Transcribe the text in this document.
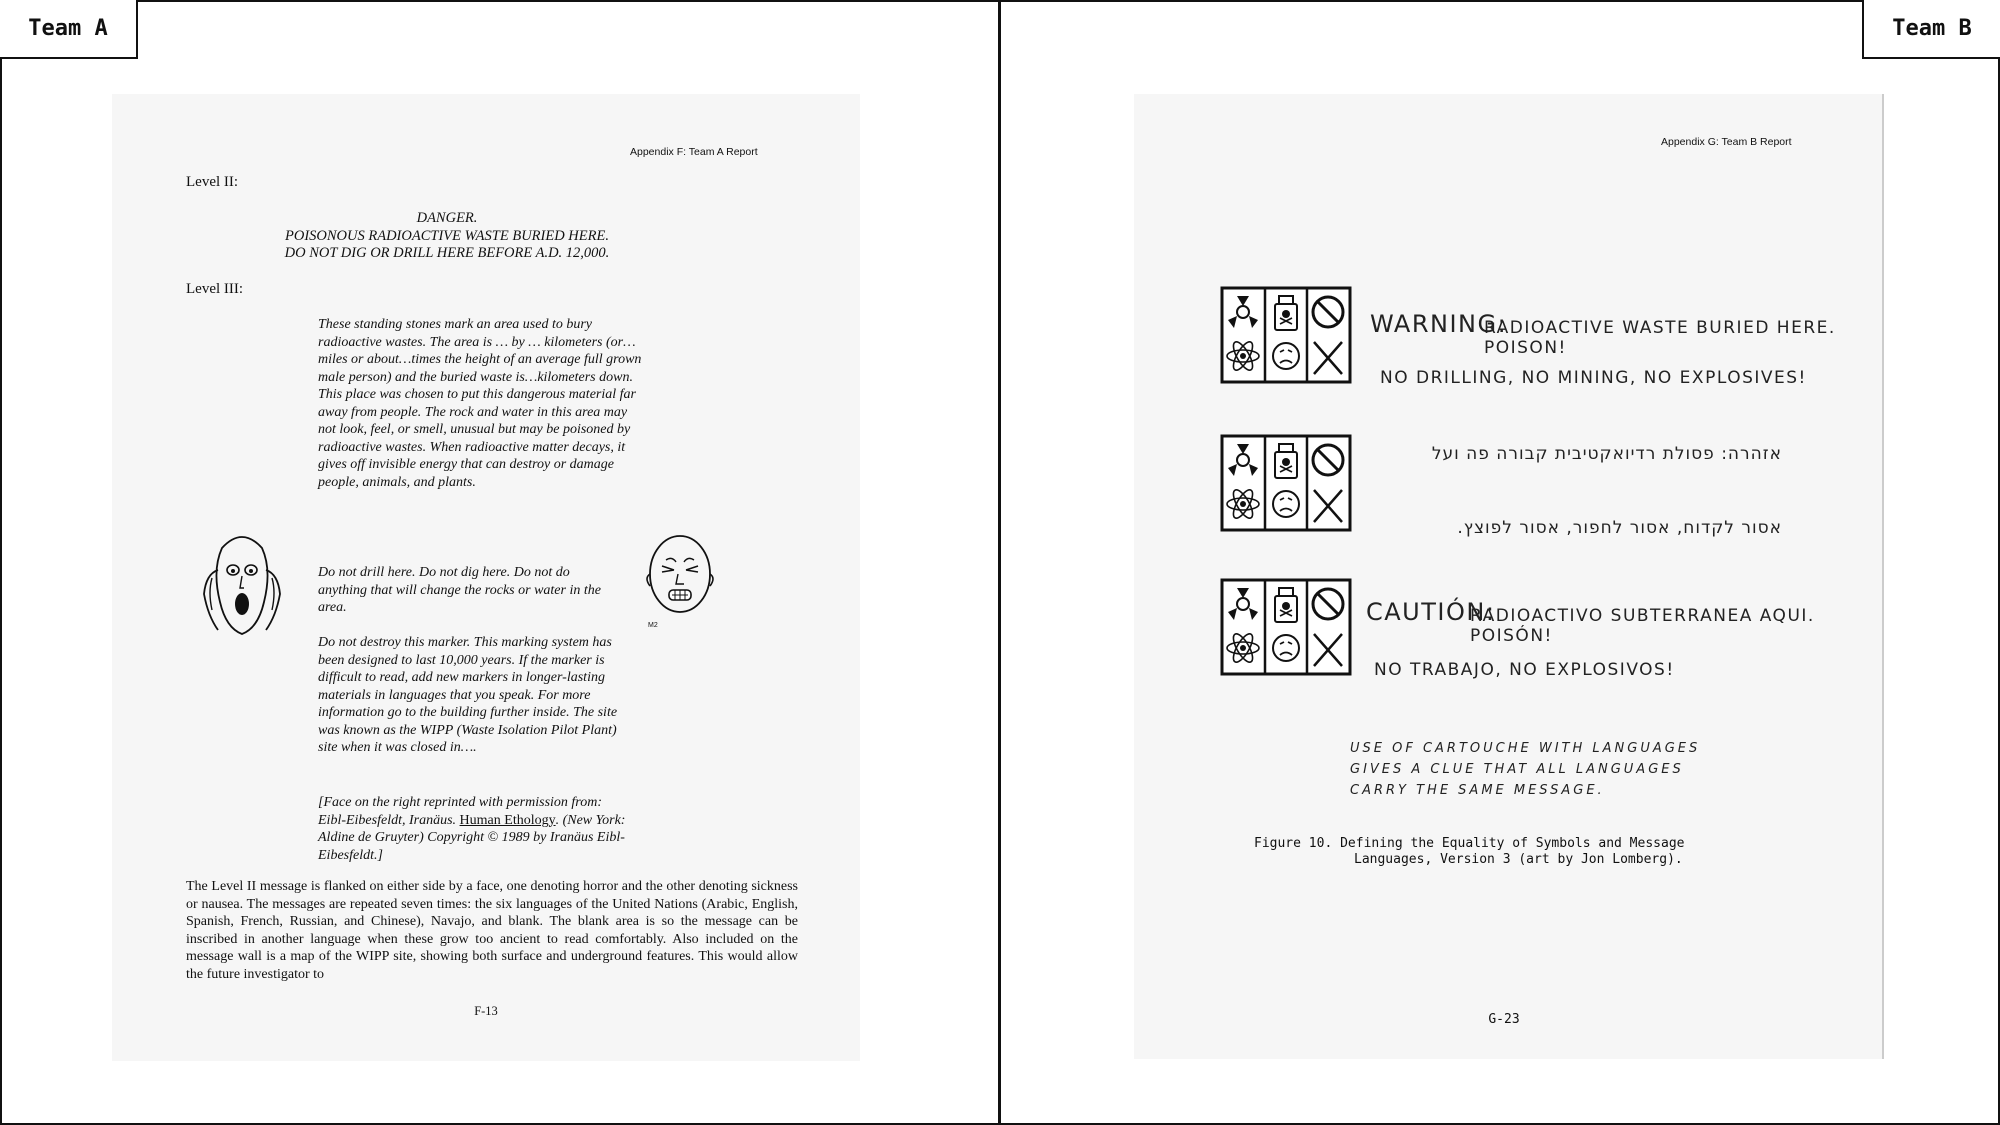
Team A	Team B
Appendix F: Team A Report
Level II:
DANGER.
POISONOUS RADIOACTIVE WASTE BURIED HERE.
DO NOT DIG OR DRILL HERE BEFORE A.D. 12,000.
Level III:

These standing stones mark an area used to bury radioactive wastes. The area is … by … kilometers (or…miles or about…times the height of an average full grown male person) and the buried waste is…kilometers down. This place was chosen to put this dangerous material far away from people. The rock and water in this area may not look, feel, or smell, unusual but may be poisoned by radioactive wastes. When radioactive matter decays, it gives off invisible energy that can destroy or damage people, animals, and plants.

Do not drill here. Do not dig here. Do not do anything that will change the rocks or water in the area.

Do not destroy this marker. This marking system has been designed to last 10,000 years. If the marker is difficult to read, add new markers in longer-lasting materials in languages that you speak. For more information go to the building further inside. The site was known as the WIPP (Waste Isolation Pilot Plant) site when it was closed in….

[Face on the right reprinted with permission from: Eibl-Eibesfeldt, Iranäus. Human Ethology. (New York: Aldine de Gruyter) Copyright © 1989 by Iranäus Eibl-Eibesfeldt.]

M2
The Level II message is flanked on either side by a face, one denoting horror and the other denoting sickness or nausea. The messages are repeated seven times: the six languages of the United Nations (Arabic, English, Spanish, French, Russian, and Chinese), Navajo, and blank. The blank area is so the message can be inscribed in another language when these grow too ancient to read comfortably. Also included on the message wall is a map of the WIPP site, showing both surface and underground features. This would allow the future investigator to
F-13
Appendix G: Team B Report
WARNING:
RADIOACTIVE WASTE BURIED HERE. POISON!
NO DRILLING, NO MINING, NO EXPLOSIVES!
אזהרה: פסולת רדיואקטיבית קבורה פה ועל
אסור לקדוח, אסור לחפור, אסור לפוצץ.
CAUTIÓN:
RADIOACTIVO SUBTERRANEA AQUI. POISÓN!
NO TRABAJO, NO EXPLOSIVOS!
USE OF CARTOUCHE WITH LANGUAGES
GIVES A CLUE THAT ALL LANGUAGES
CARRY THE SAME MESSAGE.
Figure 10. Defining the Equality of Symbols and Message
Languages, Version 3 (art by Jon Lomberg).
G-23
